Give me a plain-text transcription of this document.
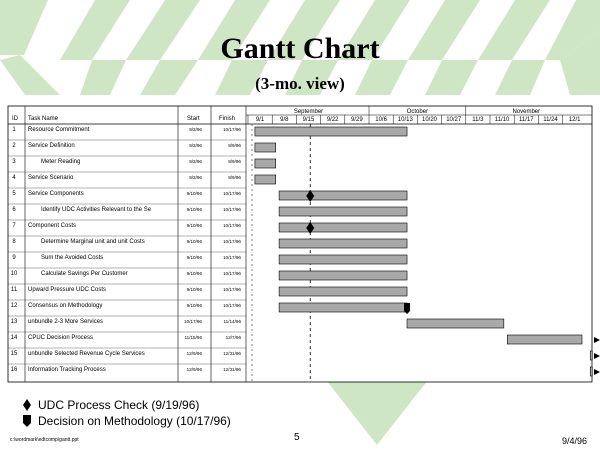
Gantt Chart
(3-mo. view)
ID Task Name	Start	Finish
September	October	November
9/1	9/8 9/15 9/22 9/29 10/6 10/13 10/20 10/27 11/3 11/10 11/17 11/24 12/1
1 Resource Commitment	9/3/96	10/17/96
2 Service Definition	9/3/96	9/9/96
3	Meter Reading	9/3/96	9/9/96
4 Service Scenario	9/3/96	9/9/96
5 Service Components	9/10/96	10/17/96
6	Identify UDC Activities Relevant to the Se	9/10/96	10/17/96
7 Component Costs	9/10/96	10/17/96
8	Determine Marginal unit and unit Costs	9/10/96	10/17/96
9	Sum the Avoided Costs	9/10/96	10/17/96
10	Calculate Savings Per Customer	9/10/96	10/17/96
11 Upward Pressure UDC Costs	9/10/96	10/17/96
12 Consensus on Methodology	9/10/96	10/17/96
13 unbundle 2-3 More Services	10/17/96	11/14/96
14 CPUC Decision Process	11/15/96	12/7/96
15 unbundle Selected Revenue Cycle Services	12/9/96	12/31/96
16 Information Tracking Process	12/9/96	12/31/96
UDC Process Check (9/19/96)
Decision on Methodology (10/17/96)
c:\wordmark\edtcomp\gantt.ppt	5	9/4/96
